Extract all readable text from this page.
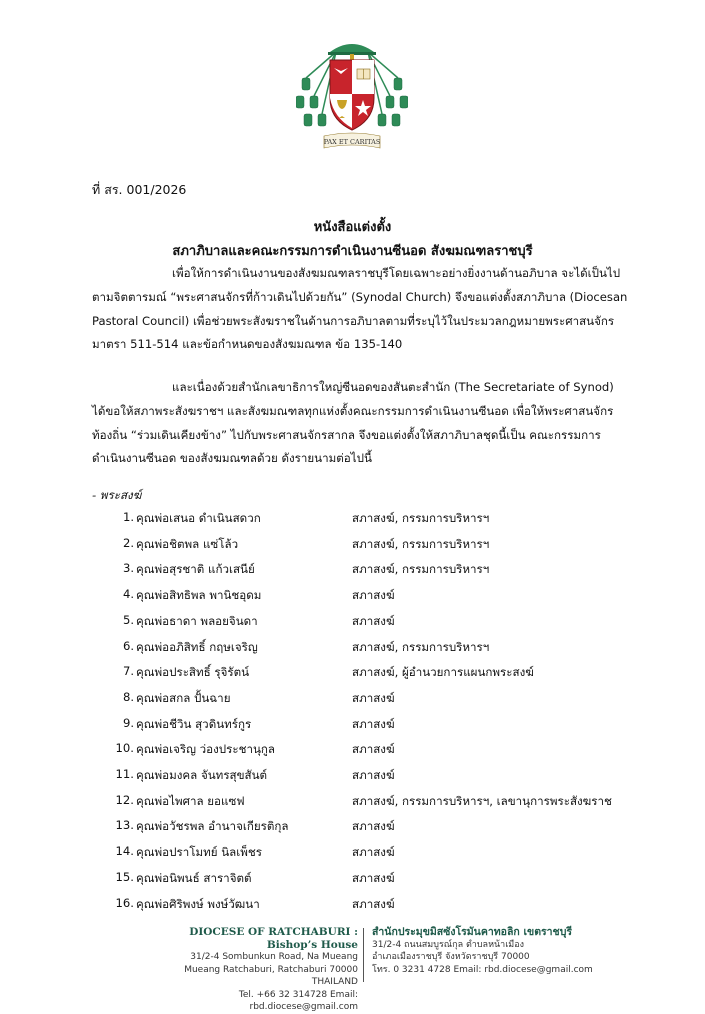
PAX ET CARITAS
ที่ สร. 001/2026
หนังสือแต่งตั้ง
สภาภิบาลและคณะกรรมการดำเนินงานซีนอด สังฆมณฑลราชบุรี
เพื่อให้การดำเนินงานของสังฆมณฑลราชบุรีโดยเฉพาะอย่างยิ่งงานด้านอภิบาล จะได้เป็นไป
ตามจิตตารมณ์ “พระศาสนจักรที่ก้าวเดินไปด้วยกัน” (Synodal Church) จึงขอแต่งตั้งสภาภิบาล (Diocesan
Pastoral Council) เพื่อช่วยพระสังฆราชในด้านการอภิบาลตามที่ระบุไว้ในประมวลกฎหมายพระศาสนจักร
มาตรา 511-514 และข้อกำหนดของสังฆมณฑล ข้อ 135-140
และเนื่องด้วยสำนักเลขาธิการใหญ่ซีนอดของสันตะสำนัก (The Secretariate of Synod)
ได้ขอให้สภาพระสังฆราชฯ และสังฆมณฑลทุกแห่งตั้งคณะกรรมการดำเนินงานซีนอด เพื่อให้พระศาสนจักร
ท้องถิ่น “ร่วมเดินเคียงข้าง” ไปกับพระศาสนจักรสากล จึงขอแต่งตั้งให้สภาภิบาลชุดนี้เป็น คณะกรรมการ
ดำเนินงานซีนอด ของสังฆมณฑลด้วย ดังรายนามต่อไปนี้
- พระสงฆ์
1. คุณพ่อเสนอ ดำเนินสดวก	สภาสงฆ์, กรรมการบริหารฯ
2. คุณพ่อชิตพล แซ่โล้ว	สภาสงฆ์, กรรมการบริหารฯ
3. คุณพ่อสุรชาติ แก้วเสนีย์	สภาสงฆ์, กรรมการบริหารฯ
4. คุณพ่อสิทธิพล พานิชอุดม	สภาสงฆ์
5. คุณพ่อธาดา พลอยจินดา	สภาสงฆ์
6. คุณพ่ออภิสิทธิ์ กฤษเจริญ	สภาสงฆ์, กรรมการบริหารฯ
7. คุณพ่อประสิทธิ์ รุจิรัตน์	สภาสงฆ์, ผู้อำนวยการแผนกพระสงฆ์
8. คุณพ่อสกล ปั้นฉาย	สภาสงฆ์
9. คุณพ่อชีวิน สุวดินทร์กูร	สภาสงฆ์
10. คุณพ่อเจริญ ว่องประชานุกูล	สภาสงฆ์
11. คุณพ่อมงคล จันทรสุขสันต์	สภาสงฆ์
12. คุณพ่อไพศาล ยอแซฟ	สภาสงฆ์, กรรมการบริหารฯ, เลขานุการพระสังฆราช
13. คุณพ่อวัชรพล อำนาจเกียรติกุล	สภาสงฆ์
14. คุณพ่อปราโมทย์ นิลเพ็ชร	สภาสงฆ์
15. คุณพ่อนิพนธ์ สาราจิตต์	สภาสงฆ์
16. คุณพ่อศิริพงษ์ พงษ์วัฒนา	สภาสงฆ์
DIOCESE OF RATCHABURI : Bishop’s House
31/2-4 Sombunkun Road, Na Mueang
Mueang Ratchaburi, Ratchaburi 70000 THAILAND
Tel. +66 32 314728 Email: rbd.diocese@gmail.com
สำนักประมุขมิสซังโรมันคาทอลิก เขตราชบุรี
31/2-4 ถนนสมบูรณ์กุล ตำบลหน้าเมือง
อำเภอเมืองราชบุรี จังหวัดราชบุรี 70000
โทร. 0 3231 4728 Email: rbd.diocese@gmail.com
